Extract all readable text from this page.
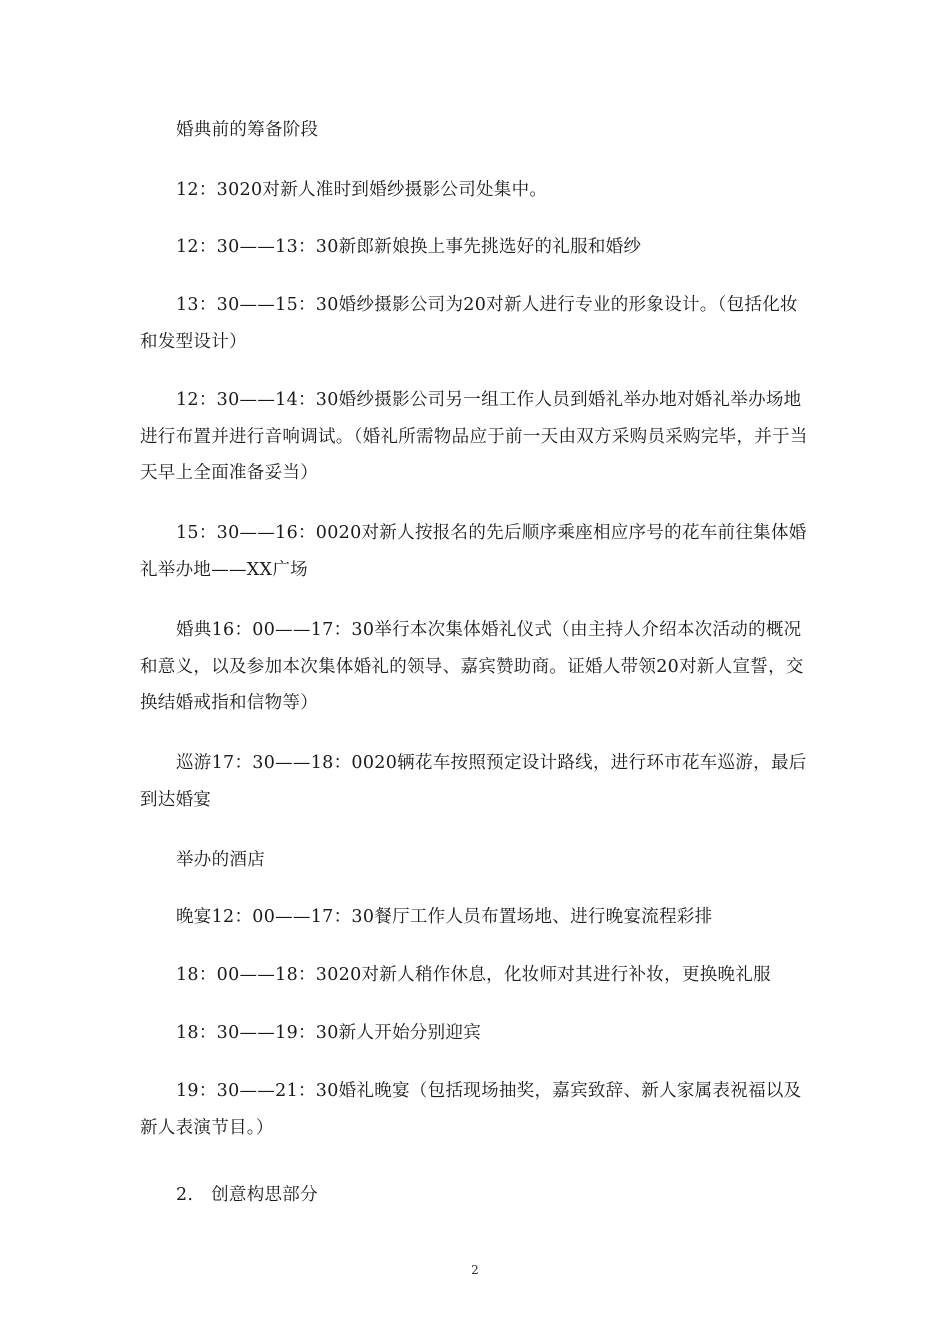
婚典前的筹备阶段

12：3020对新人准时到婚纱摄影公司处集中。

12：30——13：30新郎新娘换上事先挑选好的礼服和婚纱

13：30——15：30婚纱摄影公司为20对新人进行专业的形象设计。（包括化妆和发型设计）

12：30——14：30婚纱摄影公司另一组工作人员到婚礼举办地对婚礼举办场地进行布置并进行音响调试。（婚礼所需物品应于前一天由双方采购员采购完毕，并于当天早上全面准备妥当）

15：30——16：0020对新人按报名的先后顺序乘座相应序号的花车前往集体婚礼举办地——XX广场

婚典16：00——17：30举行本次集体婚礼仪式（由主持人介绍本次活动的概况和意义，以及参加本次集体婚礼的领导、嘉宾赞助商。证婚人带领20对新人宣誓，交换结婚戒指和信物等）

巡游17：30——18：0020辆花车按照预定设计路线，进行环市花车巡游，最后到达婚宴

举办的酒店

晚宴12：00——17：30餐厅工作人员布置场地、进行晚宴流程彩排

18：00——18：3020对新人稍作休息，化妆师对其进行补妆，更换晚礼服

18：30——19：30新人开始分别迎宾

19：30——21：30婚礼晚宴（包括现场抽奖，嘉宾致辞、新人家属表祝福以及新人表演节目。）

2.　创意构思部分

2
